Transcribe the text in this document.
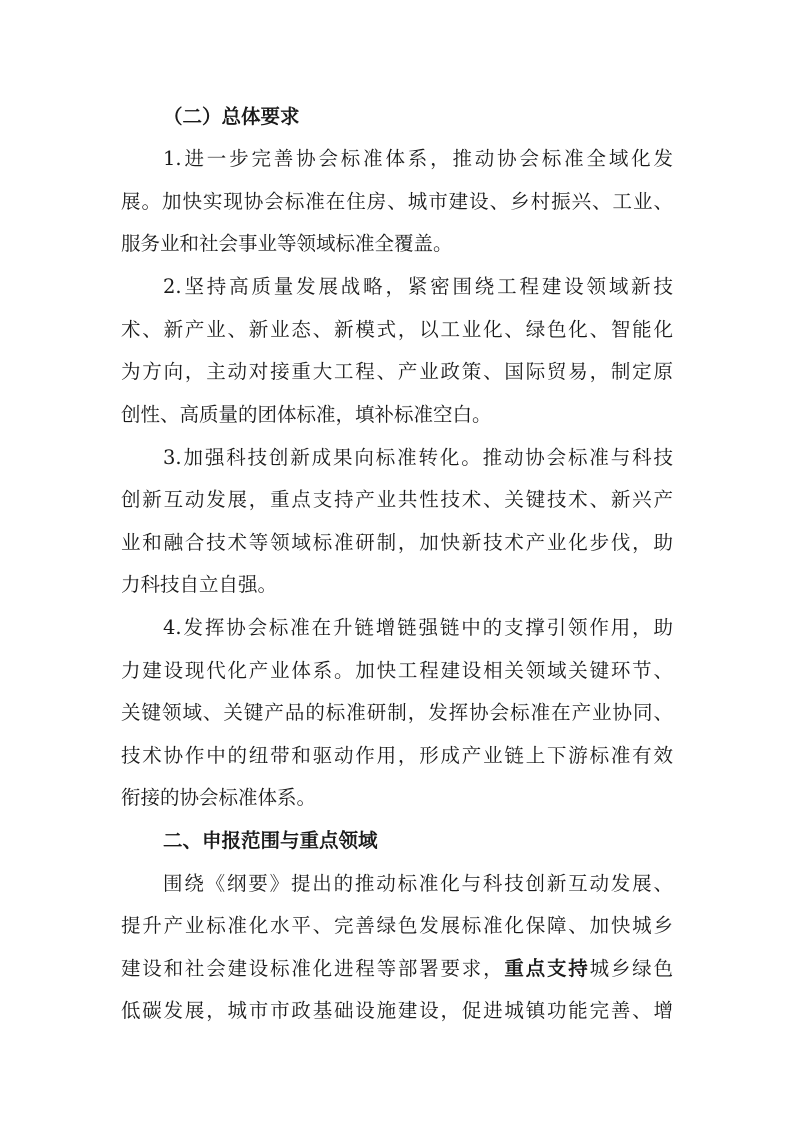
（二）总体要求
1.进一步完善协会标准体系，推动协会标准全域化发
展。加快实现协会标准在住房、城市建设、乡村振兴、工业、
服务业和社会事业等领域标准全覆盖。
2.坚持高质量发展战略，紧密围绕工程建设领域新技
术、新产业、新业态、新模式，以工业化、绿色化、智能化
为方向，主动对接重大工程、产业政策、国际贸易，制定原
创性、高质量的团体标准，填补标准空白。
3.加强科技创新成果向标准转化。推动协会标准与科技
创新互动发展，重点支持产业共性技术、关键技术、新兴产
业和融合技术等领域标准研制，加快新技术产业化步伐，助
力科技自立自强。
4.发挥协会标准在升链增链强链中的支撑引领作用，助
力建设现代化产业体系。加快工程建设相关领域关键环节、
关键领域、关键产品的标准研制，发挥协会标准在产业协同、
技术协作中的纽带和驱动作用，形成产业链上下游标准有效
衔接的协会标准体系。
二、申报范围与重点领域
围绕《纲要》提出的推动标准化与科技创新互动发展、
提升产业标准化水平、完善绿色发展标准化保障、加快城乡
建设和社会建设标准化进程等部署要求，重点支持城乡绿色
低碳发展，城市市政基础设施建设，促进城镇功能完善、增
